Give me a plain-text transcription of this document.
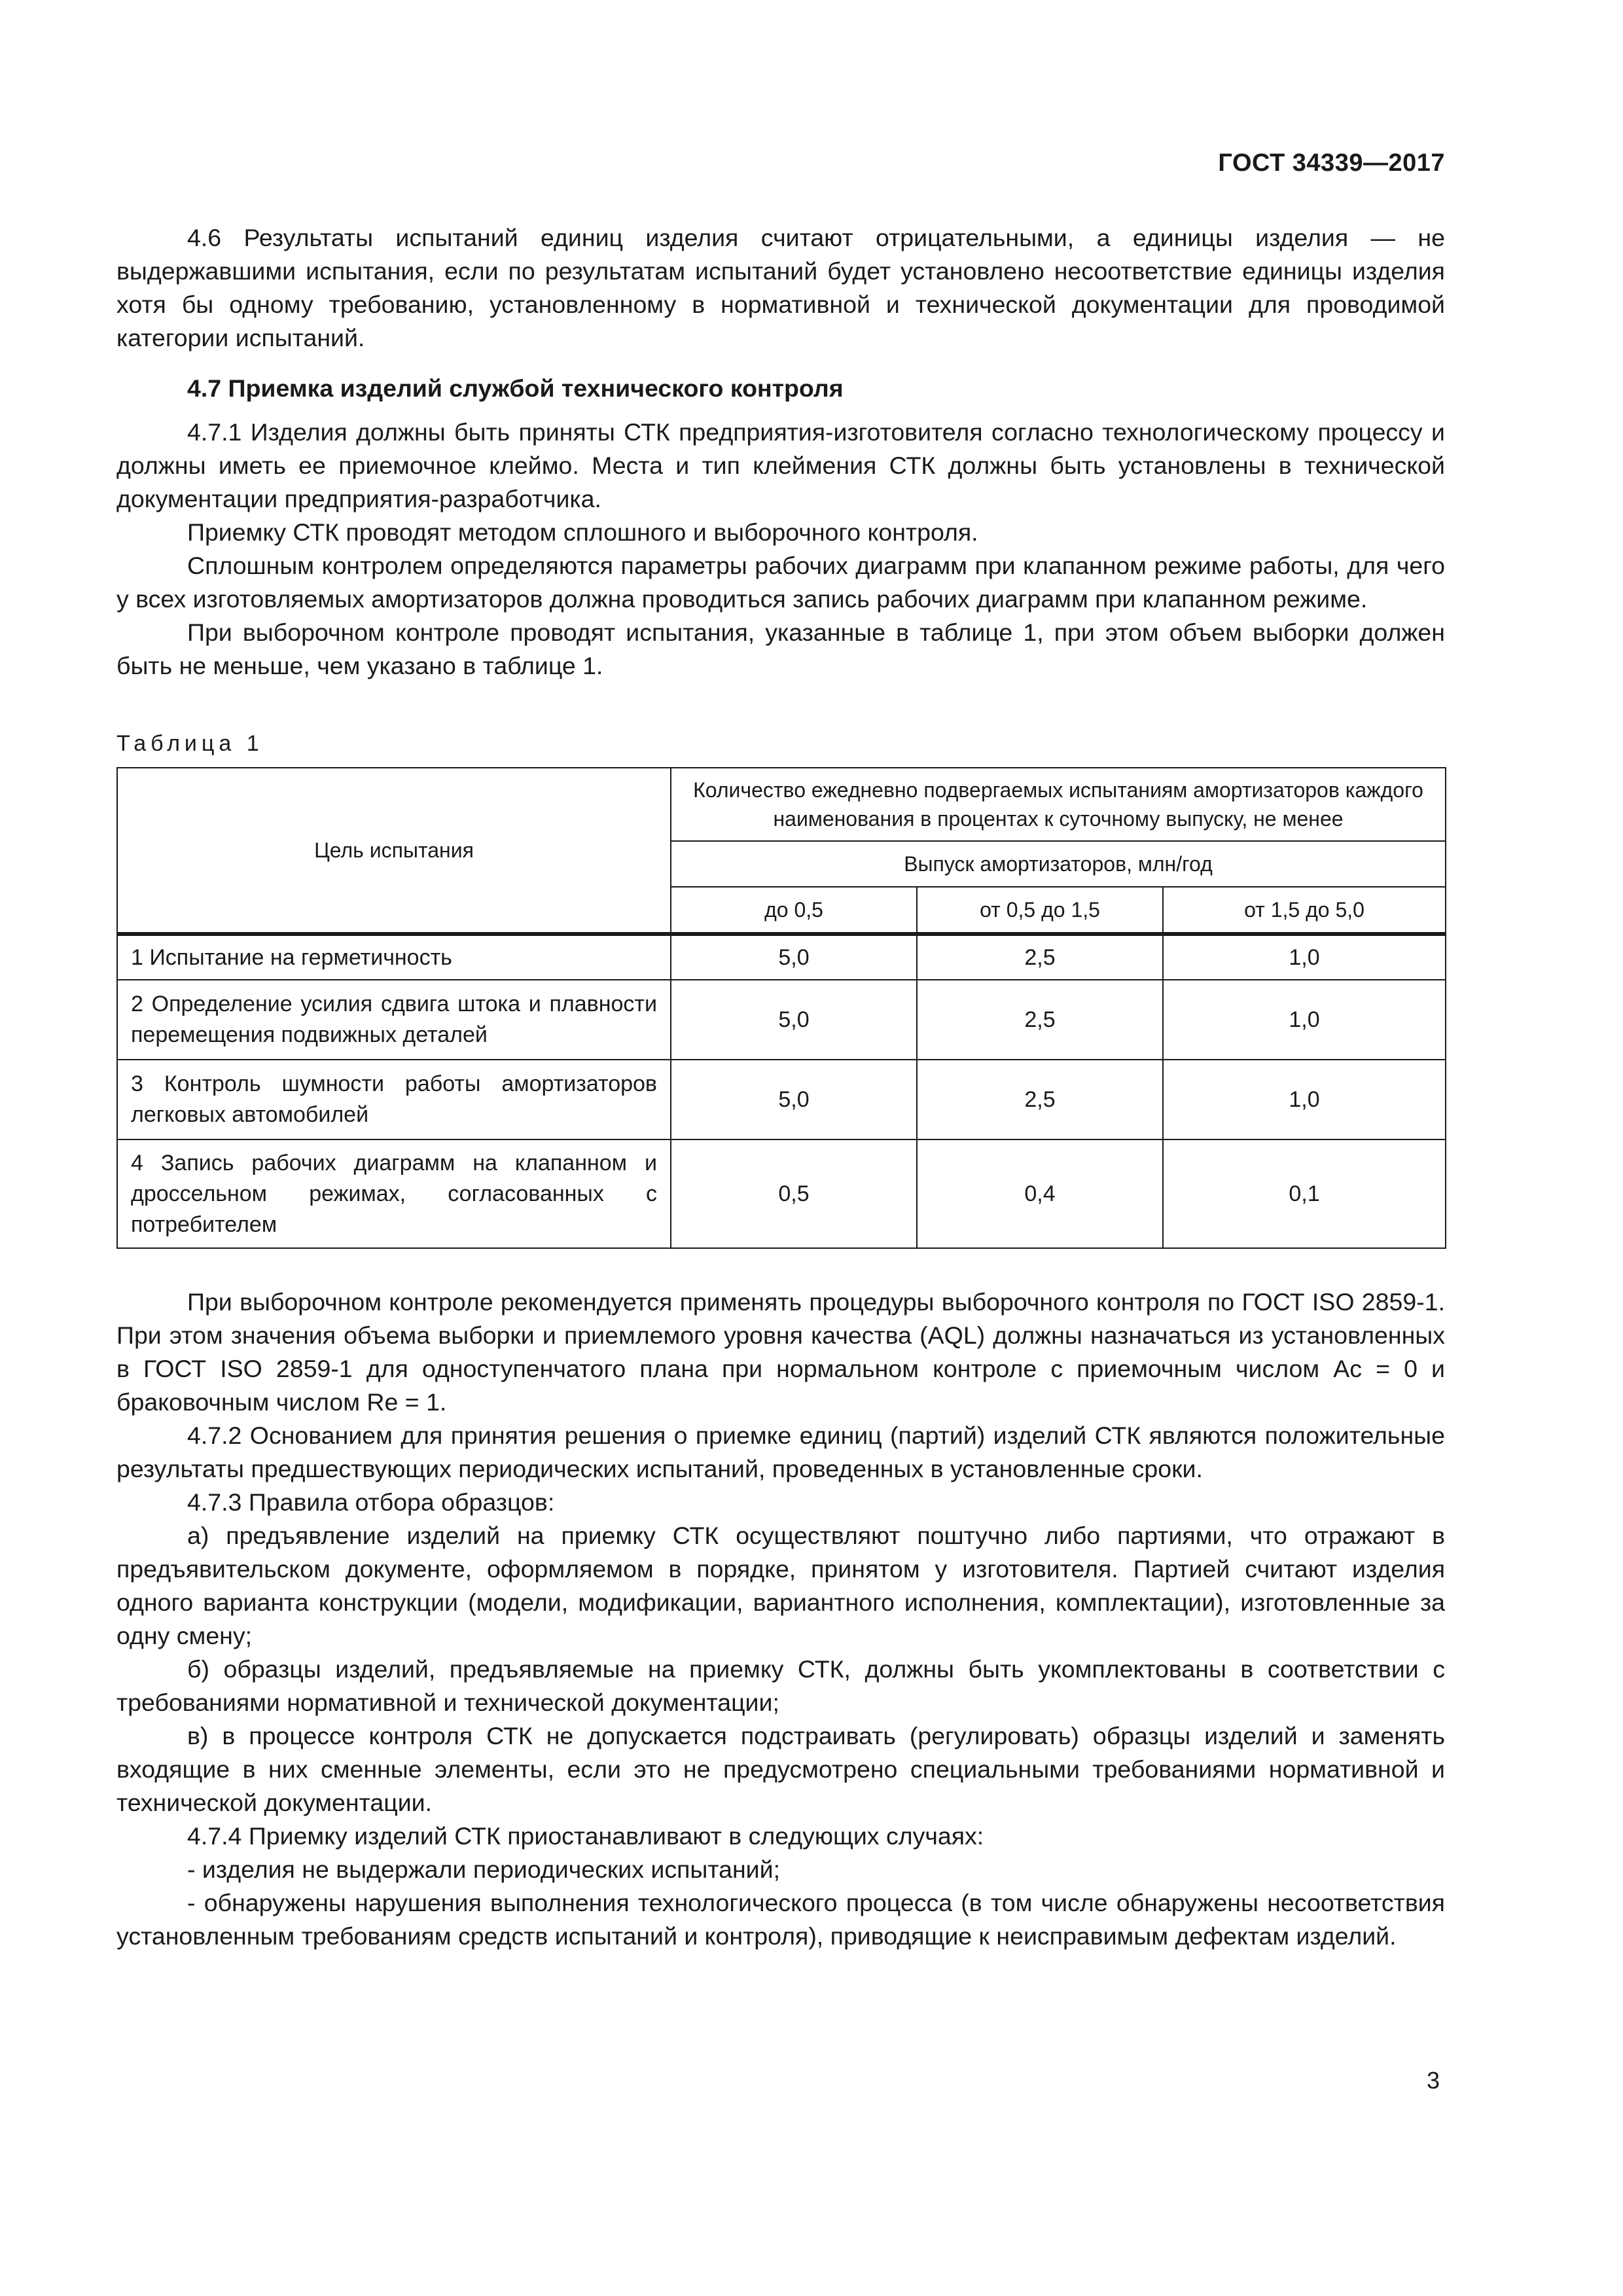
ГОСТ 34339—2017

4.6 Результаты испытаний единиц изделия считают отрицательными, а единицы изделия — не выдержавшими испытания, если по результатам испытаний будет установлено несоответствие единицы изделия хотя бы одному требованию, установленному в нормативной и технической документации для проводимой категории испытаний.

4.7 Приемка изделий службой технического контроля

4.7.1 Изделия должны быть приняты СТК предприятия-изготовителя согласно технологическому процессу и должны иметь ее приемочное клеймо. Места и тип клеймения СТК должны быть установлены в технической документации предприятия-разработчика.

Приемку СТК проводят методом сплошного и выборочного контроля.

Сплошным контролем определяются параметры рабочих диаграмм при клапанном режиме работы, для чего у всех изготовляемых амортизаторов должна проводиться запись рабочих диаграмм при клапанном режиме.

При выборочном контроле проводят испытания, указанные в таблице 1, при этом объем выборки должен быть не меньше, чем указано в таблице 1.

Таблица 1
Цель испытания	Количество ежедневно подвергаемых испытаниям амортизаторов каждого наименования в процентах к суточному выпуску, не менее		
	Выпуск амортизаторов, млн/год		
	до 0,5	от 0,5 до 1,5	от 1,5 до 5,0
1 Испытание на герметичность	5,0	2,5	1,0
2 Определение усилия сдвига штока и плавности перемещения подвижных деталей	5,0	2,5	1,0
3 Контроль шумности работы амортизаторов легковых автомобилей	5,0	2,5	1,0
4 Запись рабочих диаграмм на клапанном и дроссельном режимах, согласованных с потребителем	0,5	0,4	0,1

При выборочном контроле рекомендуется применять процедуры выборочного контроля по ГОСТ ISO 2859-1. При этом значения объема выборки и приемлемого уровня качества (AQL) должны назначаться из установленных в ГОСТ ISO 2859-1 для одноступенчатого плана при нормальном контроле с приемочным числом Ac = 0 и браковочным числом Re = 1.

4.7.2 Основанием для принятия решения о приемке единиц (партий) изделий СТК являются положительные результаты предшествующих периодических испытаний, проведенных в установленные сроки.

4.7.3 Правила отбора образцов:

а) предъявление изделий на приемку СТК осуществляют поштучно либо партиями, что отражают в предъявительском документе, оформляемом в порядке, принятом у изготовителя. Партией считают изделия одного варианта конструкции (модели, модификации, вариантного исполнения, комплектации), изготовленные за одну смену;

б) образцы изделий, предъявляемые на приемку СТК, должны быть укомплектованы в соответствии с требованиями нормативной и технической документации;

в) в процессе контроля СТК не допускается подстраивать (регулировать) образцы изделий и заменять входящие в них сменные элементы, если это не предусмотрено специальными требованиями нормативной и технической документации.

4.7.4 Приемку изделий СТК приостанавливают в следующих случаях:

- изделия не выдержали периодических испытаний;

- обнаружены нарушения выполнения технологического процесса (в том числе обнаружены несоответствия установленным требованиям средств испытаний и контроля), приводящие к неисправимым дефектам изделий.

3
